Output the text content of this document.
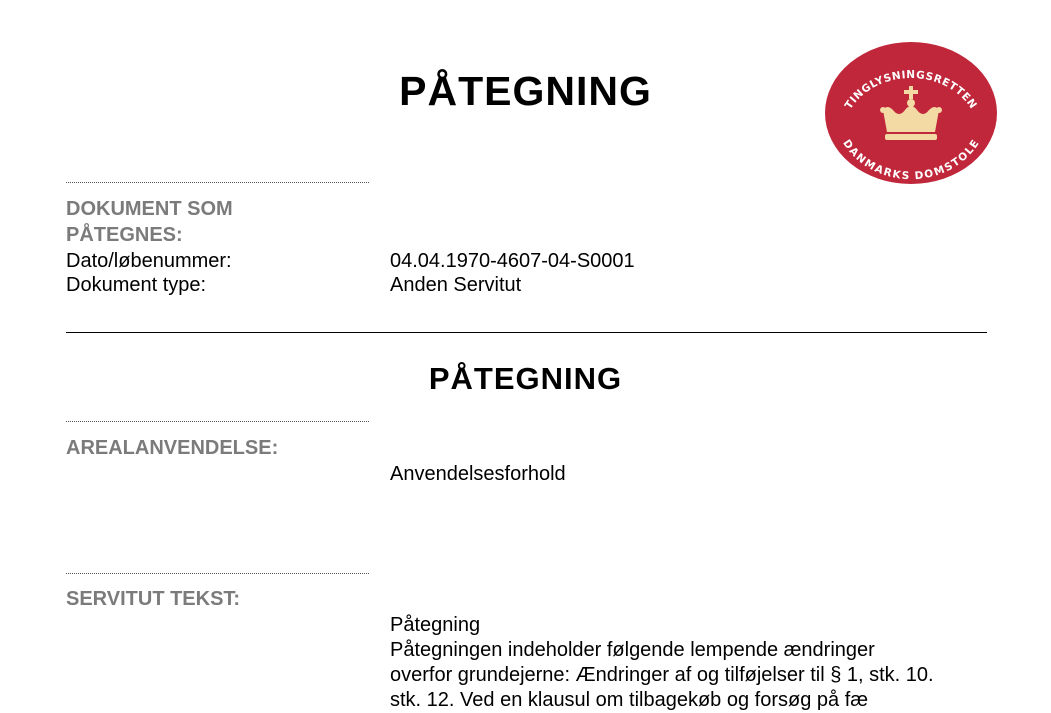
PÅTEGNING	TINGLYSNINGSRETTEN
DANMARKS DOMSTOLE
DOKUMENT SOM
PÅTEGNES:
Dato/løbenummer:	04.04.1970-4607-04-S0001
Dokument type:	Anden Servitut
PÅTEGNING
AREALANVENDELSE:
Anvendelsesforhold
SERVITUT TEKST:
Påtegning
Påtegningen indeholder følgende lempende ændringer
overfor grundejerne: Ændringer af og tilføjelser til § 1, stk. 10.
stk. 12. Ved en klausul om tilbagekøb og forsøg på fæ
